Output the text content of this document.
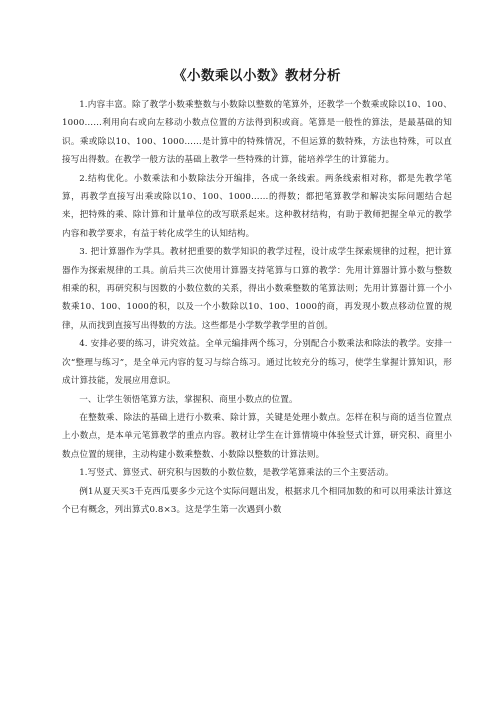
《小数乘以小数》教材分析

1.内容丰富。除了教学小数乘整数与小数除以整数的笔算外，还教学一个数乘或除以10、100、1000……利用向右或向左移动小数点位置的方法得到积或商。笔算是一般性的算法，是最基础的知识。乘或除以10、100、1000……是计算中的特殊情况，不但运算的数特殊，方法也特殊，可以直接写出得数。在教学一般方法的基础上教学一些特殊的计算，能培养学生的计算能力。

2.结构优化。小数乘法和小数除法分开编排，各成一条线索。两条线索相对称，都是先教学笔算，再教学直接写出乘或除以10、100、1000……的得数；都把笔算教学和解决实际问题结合起来，把特殊的乘、除计算和计量单位的改写联系起来。这种教材结构，有助于教师把握全单元的教学内容和教学要求，有益于转化成学生的认知结构。

3. 把计算器作为学具。教材把重要的数学知识的教学过程，设计成学生探索规律的过程，把计算器作为探索规律的工具。前后共三次使用计算器支持笔算与口算的教学：先用计算器计算小数与整数相乘的积，再研究积与因数的小数位数的关系，得出小数乘整数的笔算法则；先用计算器计算一个小数乘10、100、1000的积，以及一个小数除以10、100、1000的商，再发现小数点移动位置的规律，从而找到直接写出得数的方法。这些都是小学数学教学里的首创。

4. 安排必要的练习，讲究效益。全单元编排两个练习，分别配合小数乘法和除法的教学。安排一次“整理与练习”，是全单元内容的复习与综合练习。通过比较充分的练习，使学生掌握计算知识，形成计算技能，发展应用意识。

一、让学生领悟笔算方法，掌握积、商里小数点的位置。

在整数乘、除法的基础上进行小数乘、除计算，关键是处理小数点。怎样在积与商的适当位置点上小数点，是本单元笔算教学的重点内容。教材让学生在计算情境中体验竖式计算，研究积、商里小数点位置的规律，主动构建小数乘整数、小数除以整数的计算法则。

1.写竖式、算竖式、研究积与因数的小数位数，是教学笔算乘法的三个主要活动。

例1从夏天买3千克西瓜要多少元这个实际问题出发，根据求几个相同加数的和可以用乘法计算这个已有概念，列出算式0.8×3。这是学生第一次遇到小数
